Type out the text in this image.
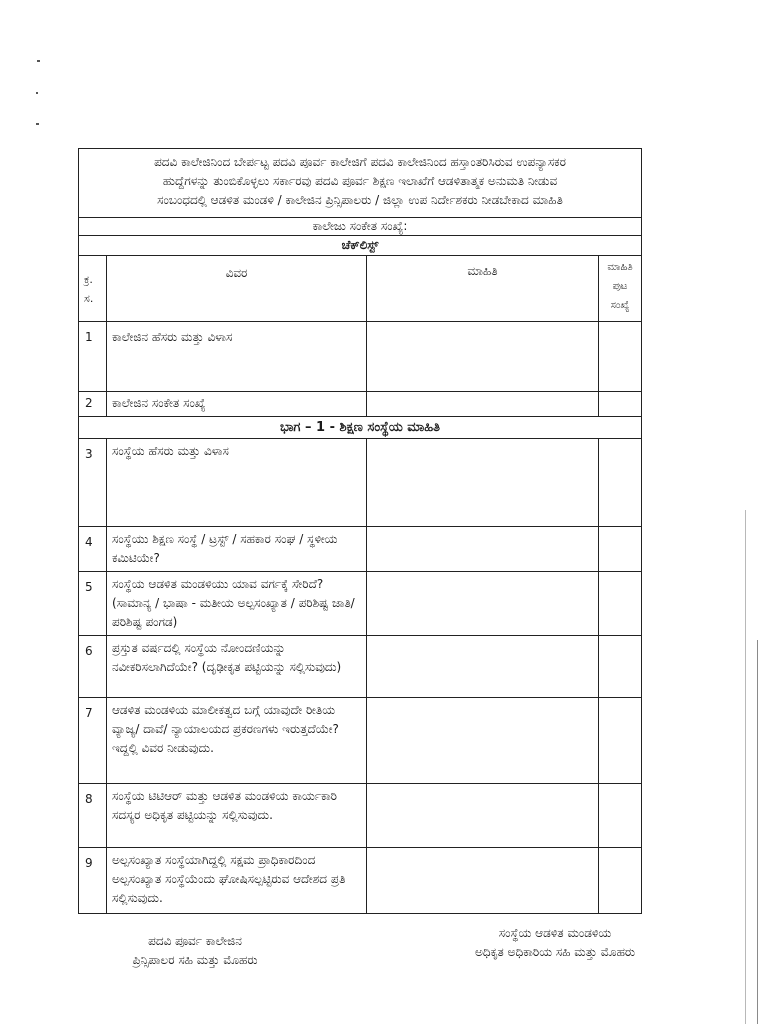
ಪದವಿ ಕಾಲೇಜಿನಿಂದ ಬೇರ್ಪಟ್ಟ ಪದವಿ ಪೂರ್ವ ಕಾಲೇಜಿಗೆ ಪದವಿ ಕಾಲೇಜಿನಿಂದ ಹಸ್ತಾಂತರಿಸಿರುವ ಉಪನ್ಯಾಸಕರ
ಹುದ್ದೆಗಳನ್ನು ತುಂಬಿಕೊಳ್ಳಲು ಸರ್ಕಾರವು ಪದವಿ ಪೂರ್ವ ಶಿಕ್ಷಣ ಇಲಾಖೆಗೆ ಆಡಳಿತಾತ್ಮಕ ಅನುಮತಿ ನೀಡುವ
ಸಂಬಂಧದಲ್ಲಿ ಆಡಳಿತ ಮಂಡಳಿ / ಕಾಲೇಜಿನ ಪ್ರಿನ್ಸಿಪಾಲರು / ಜಿಲ್ಲಾ ಉಪ ನಿರ್ದೇಶಕರು ನೀಡಬೇಕಾದ ಮಾಹಿತಿ			

ಕಾಲೇಜು ಸಂಕೇತ ಸಂಖ್ಯೆ:			
ಚೆಕ್‌ಲಿಸ್ಟ್			
ಕ್ರ. ಸ.	ವಿವರ	ಮಾಹಿತಿ	ಮಾಹಿತಿ ಪುಟ ಸಂಖ್ಯೆ
1	ಕಾಲೇಜಿನ ಹೆಸರು ಮತ್ತು ವಿಳಾಸ		
2	ಕಾಲೇಜಿನ ಸಂಕೇತ ಸಂಖ್ಯೆ		
ಭಾಗ – 1 - ಶಿಕ್ಷಣ ಸಂಸ್ಥೆಯ ಮಾಹಿತಿ			
3	ಸಂಸ್ಥೆಯ ಹೆಸರು ಮತ್ತು ವಿಳಾಸ		
4	ಸಂಸ್ಥೆಯು ಶಿಕ್ಷಣ ಸಂಸ್ಥೆ / ಟ್ರಸ್ಟ್ / ಸಹಕಾರ ಸಂಘ / ಸ್ಥಳೀಯ ಕಮಿಟಿಯೇ?		
5	ಸಂಸ್ಥೆಯ ಆಡಳಿತ ಮಂಡಳಿಯು ಯಾವ ವರ್ಗಕ್ಕೆ ಸೇರಿದೆ? (ಸಾಮಾನ್ಯ / ಭಾಷಾ - ಮತೀಯ ಅಲ್ಪಸಂಖ್ಯಾತ / ಪರಿಶಿಷ್ಟ ಜಾತಿ/ಪರಿಶಿಷ್ಟ ಪಂಗಡ)		
6	ಪ್ರಸ್ತುತ ವರ್ಷದಲ್ಲಿ ಸಂಸ್ಥೆಯ ನೋಂದಣಿಯನ್ನು ನವೀಕರಿಸಲಾಗಿದೆಯೇ? (ದೃಢೀಕೃತ ಪಟ್ಟಿಯನ್ನು ಸಲ್ಲಿಸುವುದು)		
7	ಆಡಳಿತ ಮಂಡಳಿಯ ಮಾಲೀಕತ್ವದ ಬಗ್ಗೆ ಯಾವುದೇ ರೀತಿಯ ವ್ಯಾಜ್ಯ/ ದಾವೆ/ ನ್ಯಾಯಾಲಯದ ಪ್ರಕರಣಗಳು ಇರುತ್ತದೆಯೇ? ಇದ್ದಲ್ಲಿ ವಿವರ ನೀಡುವುದು.		
8	ಸಂಸ್ಥೆಯ ಟಿಟಿಆರ್ ಮತ್ತು ಆಡಳಿತ ಮಂಡಳಿಯ ಕಾರ್ಯಕಾರಿ ಸದಸ್ಯರ ಅಧಿಕೃತ ಪಟ್ಟಿಯನ್ನು ಸಲ್ಲಿಸುವುದು.		
9	ಅಲ್ಪಸಂಖ್ಯಾತ ಸಂಸ್ಥೆಯಾಗಿದ್ದಲ್ಲಿ ಸಕ್ಷಮ ಪ್ರಾಧಿಕಾರದಿಂದ ಅಲ್ಪಸಂಖ್ಯಾತ ಸಂಸ್ಥೆಯೆಂದು ಘೋಷಿಸಲ್ಪಟ್ಟಿರುವ ಆದೇಶದ ಪ್ರತಿ ಸಲ್ಲಿಸುವುದು.		
ಪದವಿ ಪೂರ್ವ ಕಾಲೇಜಿನ
ಪ್ರಿನ್ಸಿಪಾಲರ ಸಹಿ ಮತ್ತು ಮೊಹರು
ಸಂಸ್ಥೆಯ ಆಡಳಿತ ಮಂಡಳಿಯ
ಅಧಿಕೃತ ಅಧಿಕಾರಿಯ ಸಹಿ ಮತ್ತು ಮೊಹರು
